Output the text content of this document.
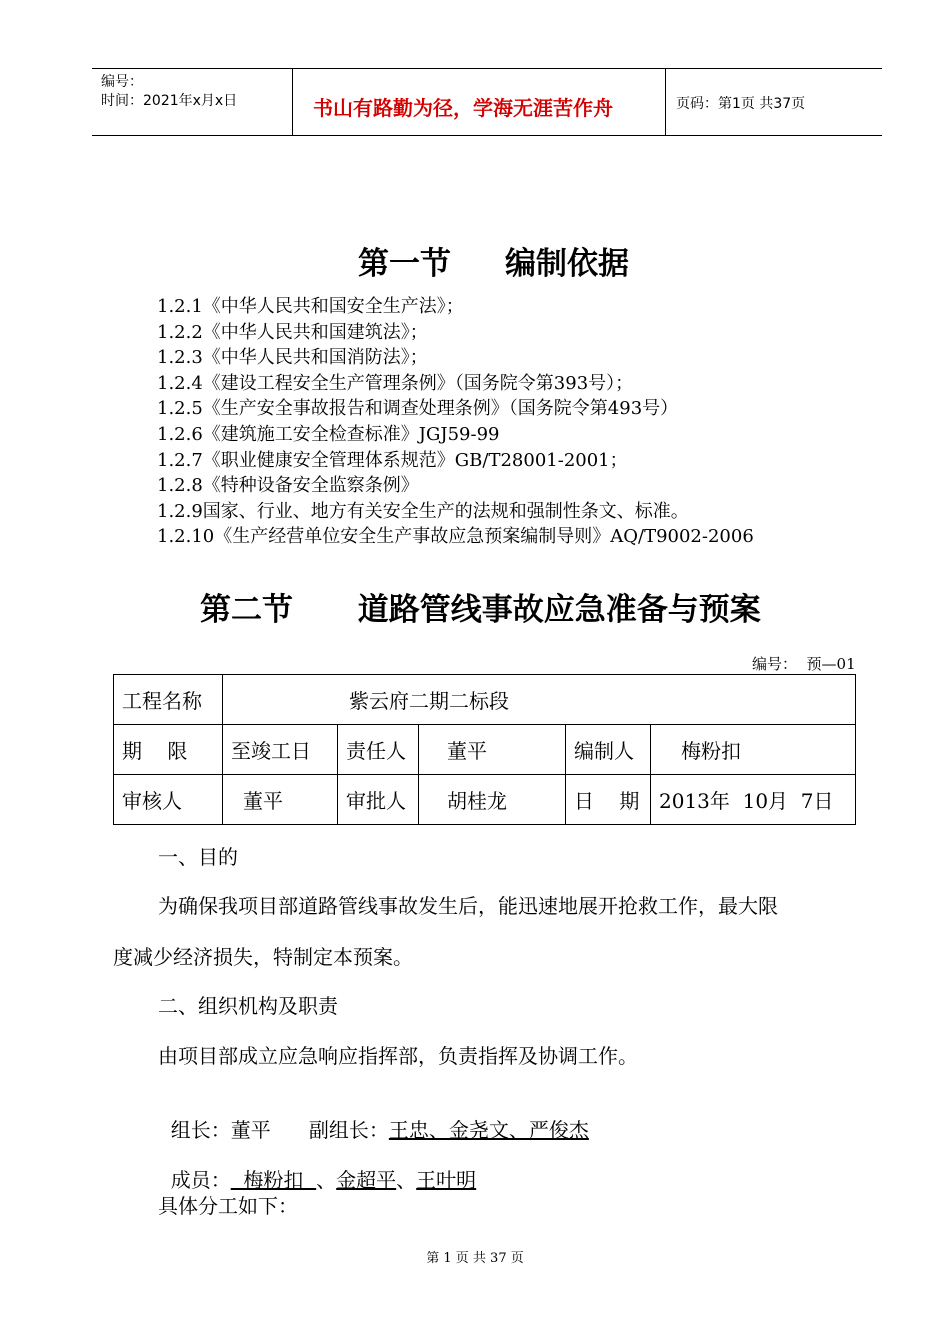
编号：
时间：2021年x月x日	书山有路勤为径，学海无涯苦作舟	页码：第1页 共37页
第一节     编制依据
1.2.1《中华人民共和国安全生产法》；
1.2.2《中华人民共和国建筑法》；
1.2.3《中华人民共和国消防法》；
1.2.4《建设工程安全生产管理条例》（国务院令第393号）；
1.2.5《生产安全事故报告和调查处理条例》（国务院令第493号）
1.2.6《建筑施工安全检查标准》JGJ59-99
1.2.7《职业健康安全管理体系规范》GB/T28001-2001；
1.2.8《特种设备安全监察条例》
1.2.9国家、行业、地方有关安全生产的法规和强制性条文、标准。
1.2.10《生产经营单位安全生产事故应急预案编制导则》AQ/T9002-2006
第二节      道路管线事故应急准备与预案
编号：  预—01
工程名称	紫云府二期二标段				
期    限	至竣工日	责任人	董平	编制人	梅粉扣
审核人	董平	审批人	胡桂龙	日    期	2013年  10月  7日
一、目的
为确保我项目部道路管线事故发生后，能迅速地展开抢救工作，最大限
度减少经济损失，特制定本预案。
二、组织机构及职责
由项目部成立应急响应指挥部，负责指挥及协调工作。

组长：董平 副组长：王忠、金尧文、严俊杰

成员：  梅粉扣  、金超平、王叶明

具体分工如下：
第 1 页 共 37 页
